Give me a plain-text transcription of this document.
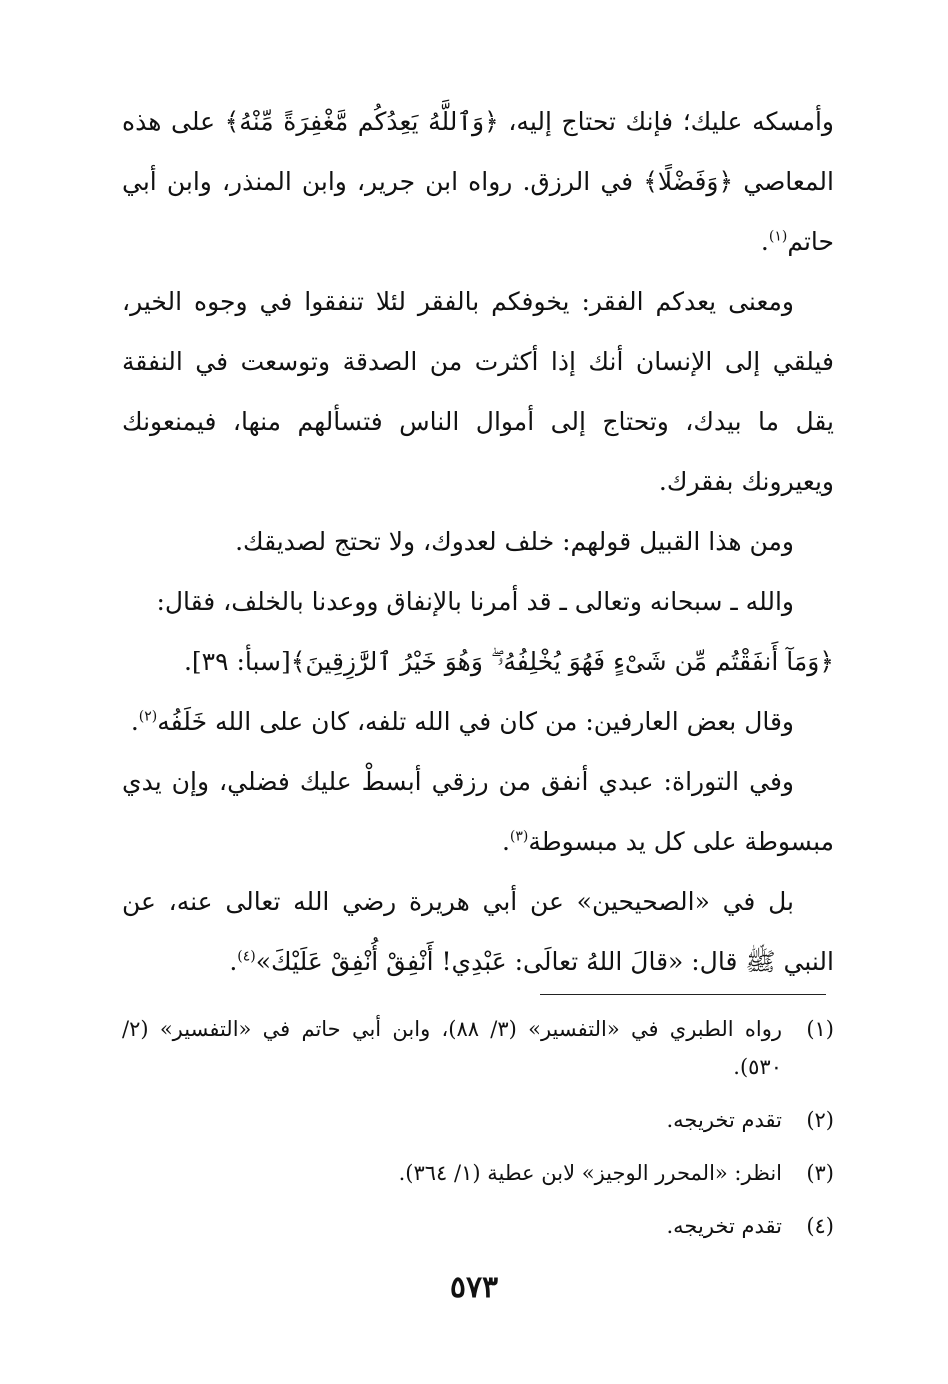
وأمسكه عليك؛ فإنك تحتاج إليه، ﴿وَٱللَّهُ يَعِدُكُم مَّغْفِرَةً مِّنْهُ﴾ على هذه المعاصي ﴿وَفَضْلًا﴾ في الرزق. رواه ابن جرير، وابن المنذر، وابن أبي حاتم$^{(١)}$.

ومعنى يعدكم الفقر: يخوفكم بالفقر لئلا تنفقوا في وجوه الخير، فيلقي إلى الإنسان أنك إذا أكثرت من الصدقة وتوسعت في النفقة يقل ما بيدك، وتحتاج إلى أموال الناس فتسألهم منها، فيمنعونك ويعيرونك بفقرك.

ومن هذا القبيل قولهم: خلف لعدوك، ولا تحتج لصديقك.

والله ـ سبحانه وتعالى ـ قد أمرنا بالإنفاق ووعدنا بالخلف، فقال:

﴿وَمَآ أَنفَقْتُم مِّن شَىْءٍ فَهُوَ يُخْلِفُهُۥ ۖ وَهُوَ خَيْرُ ٱلرَّٰزِقِينَ﴾[سبأ: ٣٩].

وقال بعض العارفين: من كان في الله تلفه، كان على الله خَلَفُه$^{(٢)}$.

وفي التوراة: عبدي أنفق من رزقي أبسطْ عليك فضلي، وإن يدي مبسوطة على كل يد مبسوطة$^{(٣)}$.

بل في «الصحيحين» عن أبي هريرة رضي الله تعالى عنه، عن النبي ﷺ قال: «قالَ اللهُ تعالَى: عَبْدِي! أَنْفِقْ أُنْفِقْ عَلَيْكَ»$^{(٤)}$.

(١)
رواه الطبري في «التفسير» (٣/ ٨٨)، وابن أبي حاتم في «التفسير» (٢/ ٥٣٠).
(٢)
تقدم تخريجه.
(٣)
انظر: «المحرر الوجيز» لابن عطية (١/ ٣٦٤).
(٤)
تقدم تخريجه.
٥٧٣
